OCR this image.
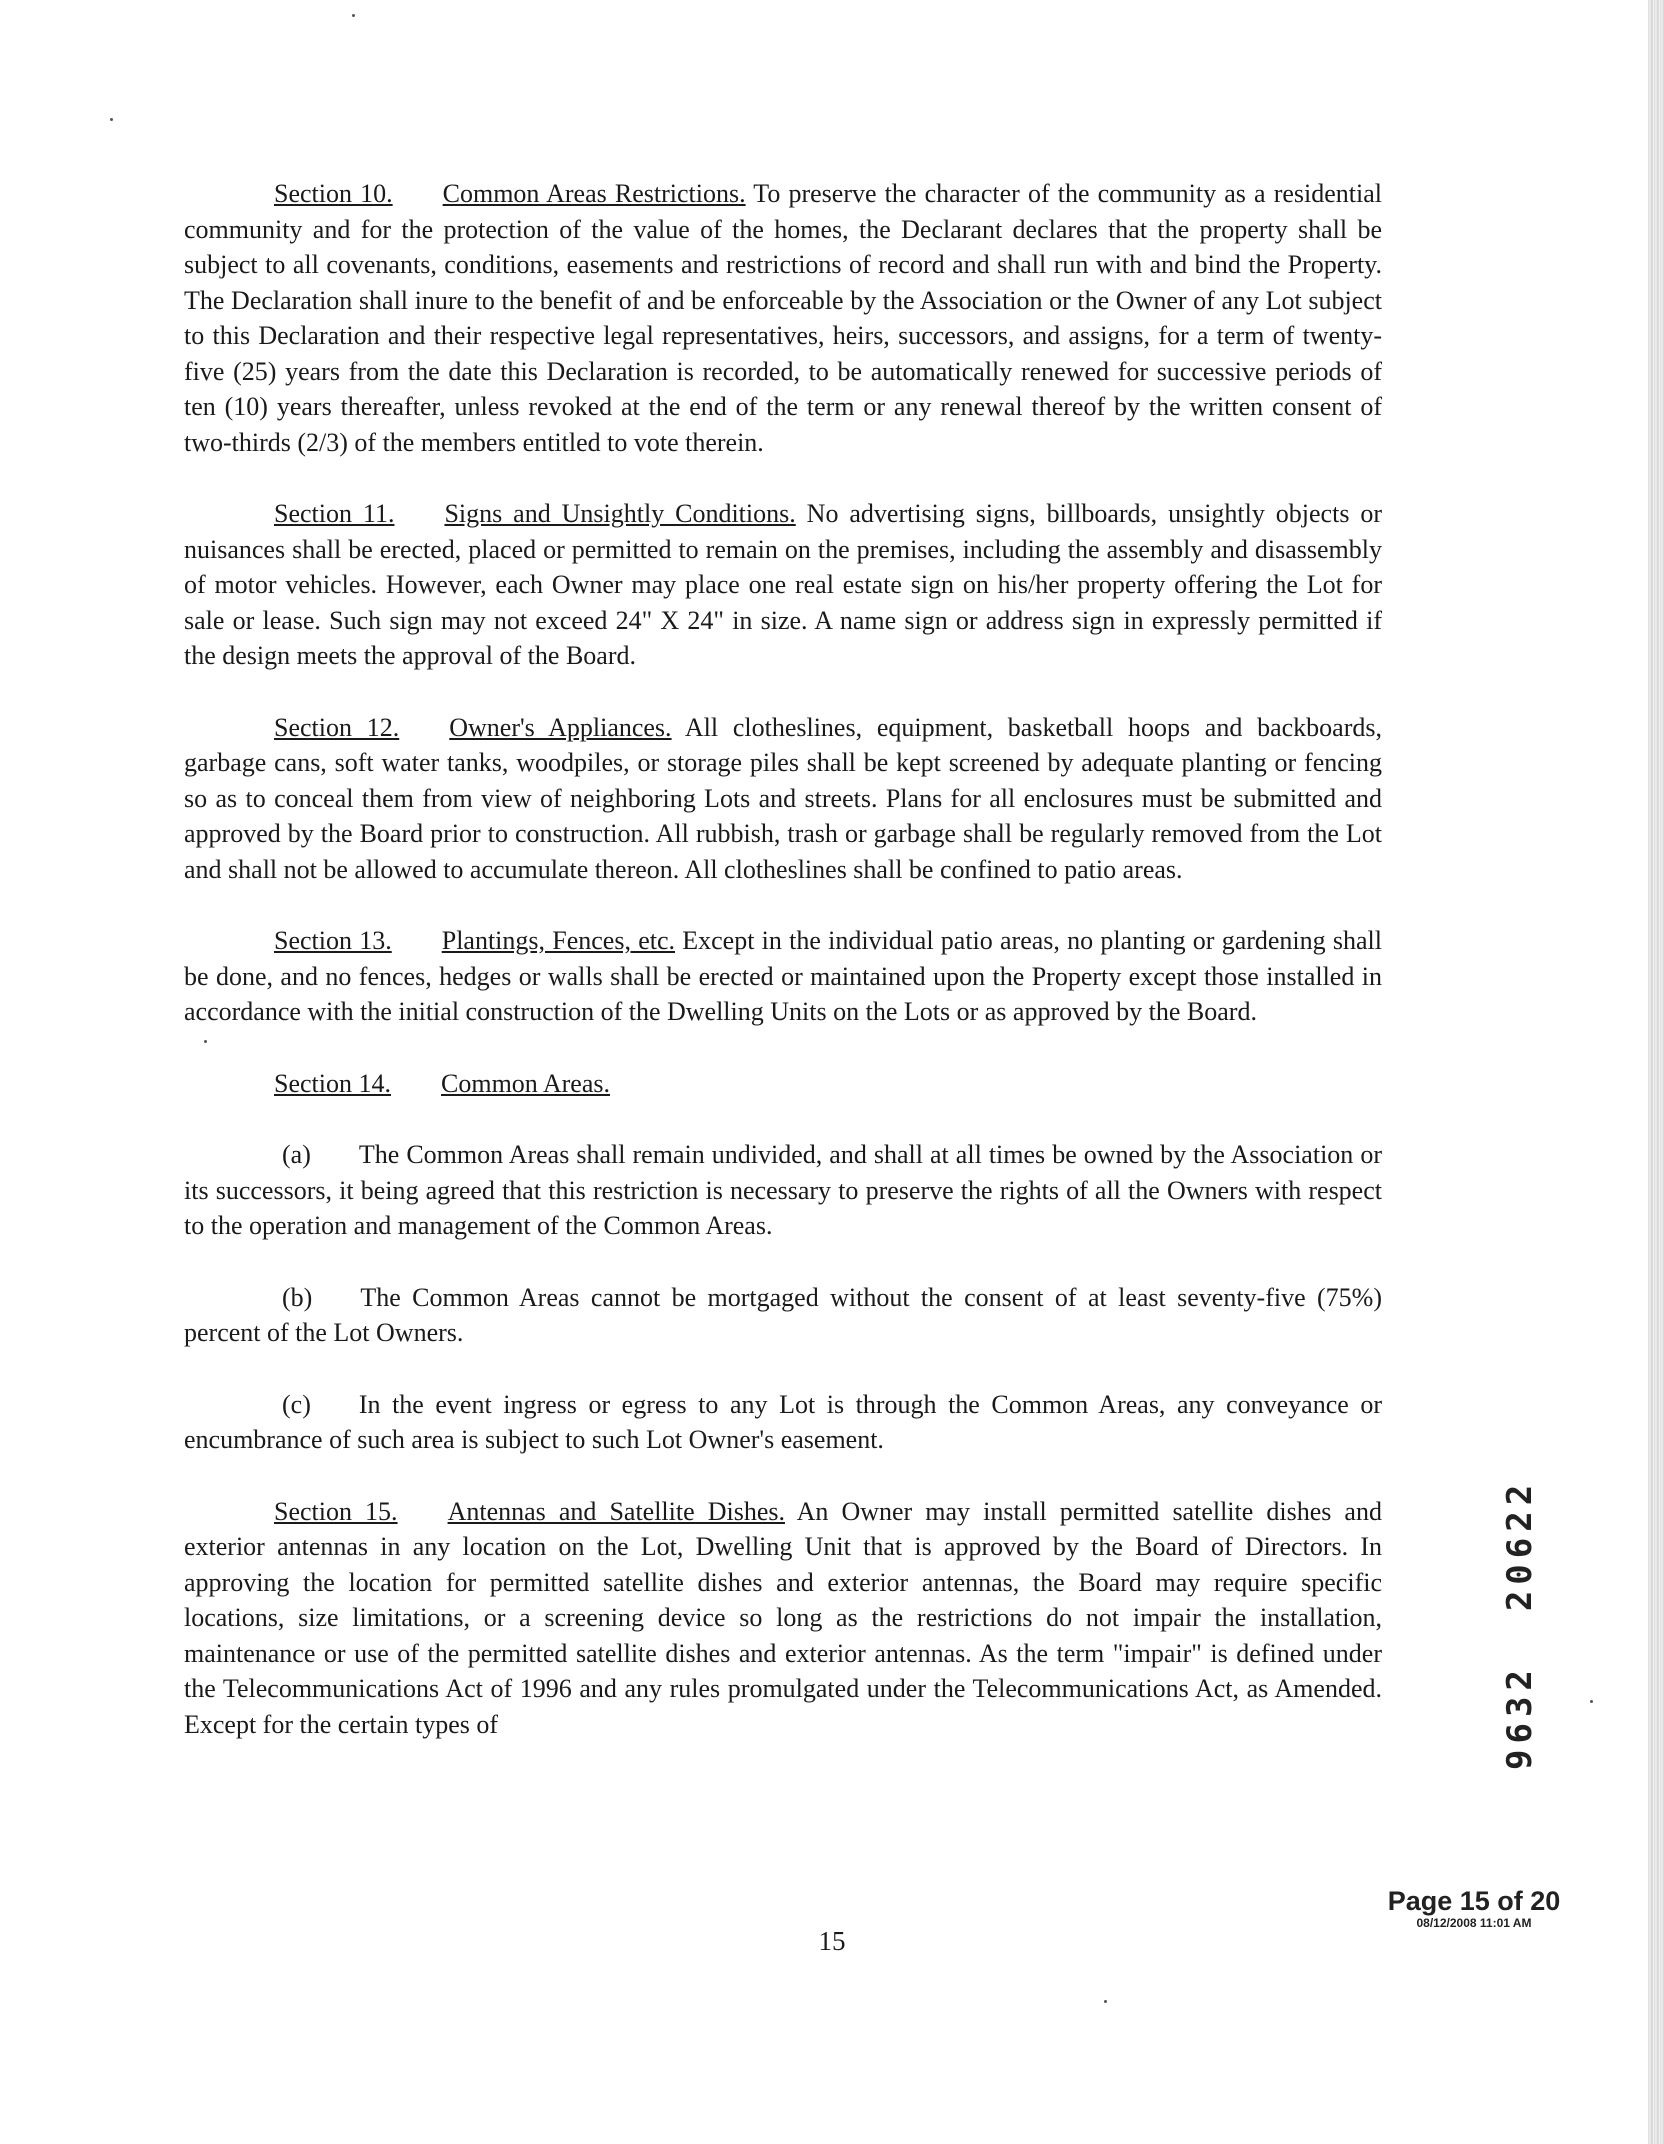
Section 10. Common Areas Restrictions. To preserve the character of the community as a residential community and for the protection of the value of the homes, the Declarant declares that the property shall be subject to all covenants, conditions, easements and restrictions of record and shall run with and bind the Property. The Declaration shall inure to the benefit of and be enforceable by the Association or the Owner of any Lot subject to this Declaration and their respective legal representatives, heirs, successors, and assigns, for a term of twenty-five (25) years from the date this Declaration is recorded, to be automatically renewed for successive periods of ten (10) years thereafter, unless revoked at the end of the term or any renewal thereof by the written consent of two-thirds (2/3) of the members entitled to vote therein.

Section 11. Signs and Unsightly Conditions. No advertising signs, billboards, unsightly objects or nuisances shall be erected, placed or permitted to remain on the premises, including the assembly and disassembly of motor vehicles. However, each Owner may place one real estate sign on his/her property offering the Lot for sale or lease. Such sign may not exceed 24" X 24" in size. A name sign or address sign in expressly permitted if the design meets the approval of the Board.

Section 12. Owner's Appliances. All clotheslines, equipment, basketball hoops and backboards, garbage cans, soft water tanks, woodpiles, or storage piles shall be kept screened by adequate planting or fencing so as to conceal them from view of neighboring Lots and streets. Plans for all enclosures must be submitted and approved by the Board prior to construction. All rubbish, trash or garbage shall be regularly removed from the Lot and shall not be allowed to accumulate thereon. All clotheslines shall be confined to patio areas.

Section 13. Plantings, Fences, etc. Except in the individual patio areas, no planting or gardening shall be done, and no fences, hedges or walls shall be erected or maintained upon the Property except those installed in accordance with the initial construction of the Dwelling Units on the Lots or as approved by the Board.

Section 14. Common Areas.

(a) The Common Areas shall remain undivided, and shall at all times be owned by the Association or its successors, it being agreed that this restriction is necessary to preserve the rights of all the Owners with respect to the operation and management of the Common Areas.

(b) The Common Areas cannot be mortgaged without the consent of at least seventy-five (75%) percent of the Lot Owners.

(c) In the event ingress or egress to any Lot is through the Common Areas, any conveyance or encumbrance of such area is subject to such Lot Owner's easement.

Section 15. Antennas and Satellite Dishes. An Owner may install permitted satellite dishes and exterior antennas in any location on the Lot, Dwelling Unit that is approved by the Board of Directors. In approving the location for permitted satellite dishes and exterior antennas, the Board may require specific locations, size limitations, or a screening device so long as the restrictions do not impair the installation, maintenance or use of the permitted satellite dishes and exterior antennas. As the term "impair" is defined under the Telecommunications Act of 1996 and any rules promulgated under the Telecommunications Act, as Amended. Except for the certain types of	9632  20622
Page 15 of 20
08/12/2008 11:01 AM
15
